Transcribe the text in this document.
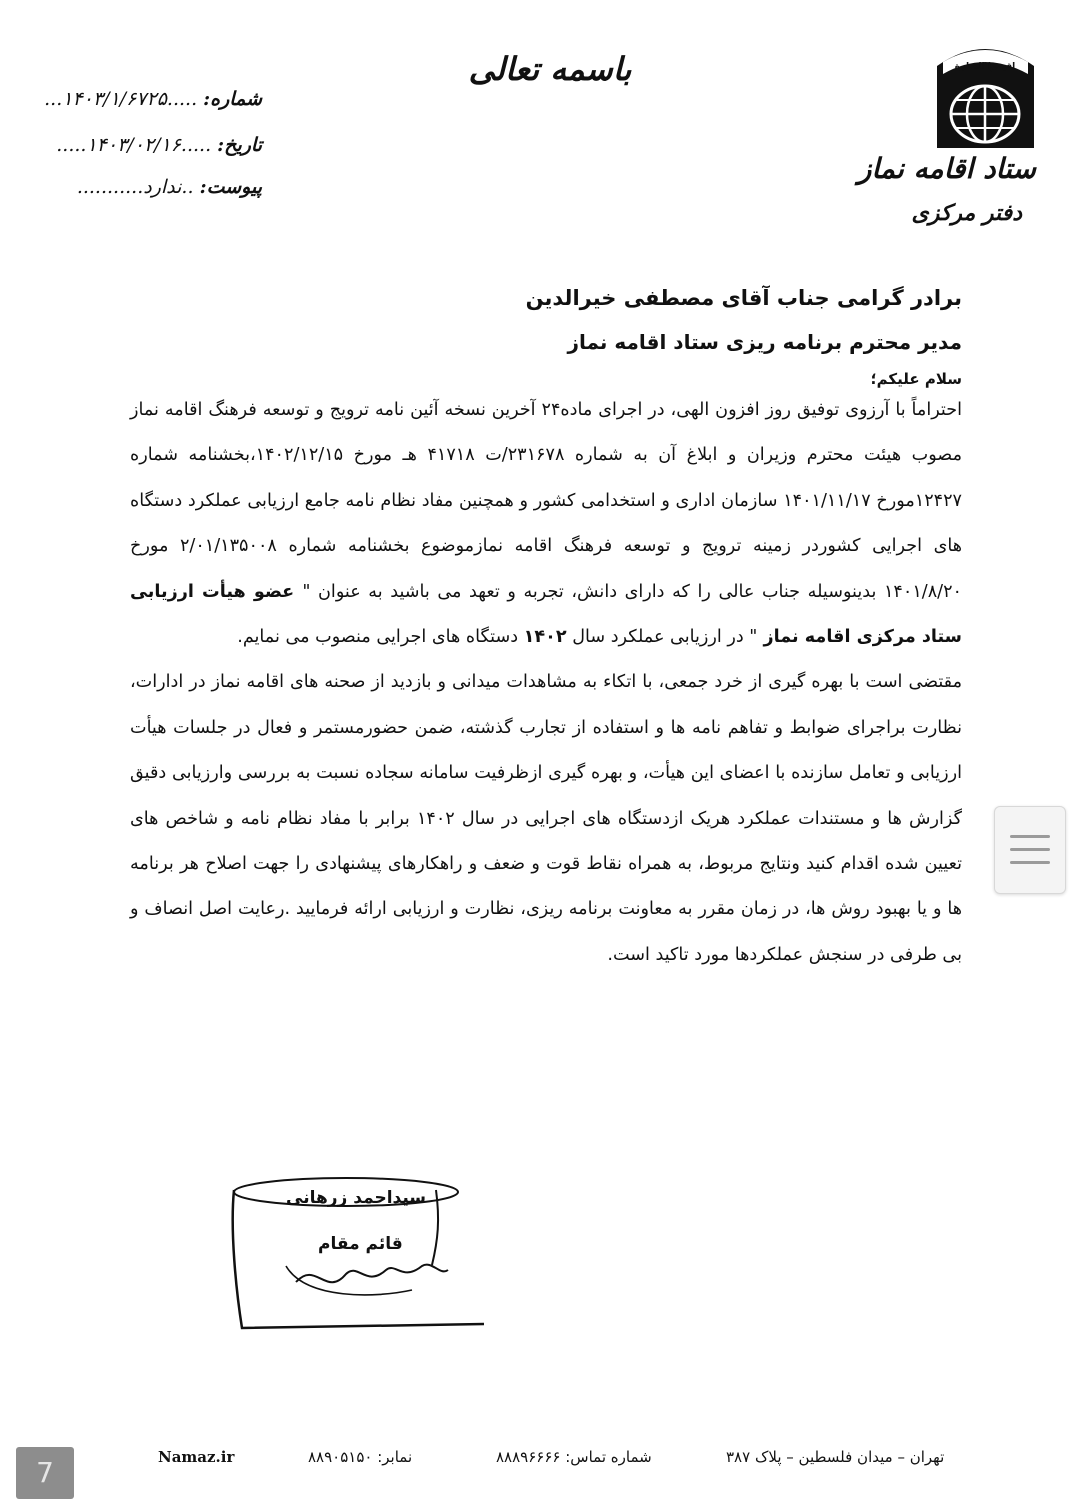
اقیموا الصلوة
ستاد اقامه نماز
دفتر مرکزی
باسمه تعالی
شماره: .....۱۴۰۳/۱/۶۷۲۵...
تاریخ: .....۱۴۰۳/۰۲/۱۶.....
پیوست: ..ندارد...........
برادر گرامی جناب آقای مصطفی خیرالدین
مدیر محترم برنامه ریزی ستاد اقامه نماز
سلام علیکم؛

احتراماً با آرزوی توفیق روز افزون الهی، در اجرای ماده۲۴ آخرین نسخه آئین نامه ترویج و توسعه فرهنگ اقامه نماز مصوب هیئت محترم وزیران و ابلاغ آن به شماره ۲۳۱۶۷۸/ت ۴۱۷۱۸ هـ مورخ ۱۴۰۲/۱۲/۱۵،بخشنامه شماره ۱۲۴۲۷مورخ ۱۴۰۱/۱۱/۱۷ سازمان اداری و استخدامی کشور و همچنین مفاد نظام نامه جامع ارزیابی عملکرد دستگاه های اجرایی کشوردر زمینه ترویج و توسعه فرهنگ اقامه نمازموضوع بخشنامه شماره ۲/۰۱/۱۳۵۰۰۸ مورخ ۱۴۰۱/۸/۲۰ بدینوسیله جناب عالی را که دارای دانش، تجربه و تعهد می باشید به عنوان " عضو هیأت ارزیابی ستاد مرکزی اقامه نماز " در ارزیابی عملکرد سال ۱۴۰۲ دستگاه های اجرایی منصوب می نمایم.

مقتضی است با بهره گیری از خرد جمعی، با اتکاء به مشاهدات میدانی و بازدید از صحنه های اقامه نماز در ادارات، نظارت براجرای ضوابط و تفاهم نامه ها و استفاده از تجارب گذشته، ضمن حضورمستمر و فعال در جلسات هیأت ارزیابی و تعامل سازنده با اعضای این هیأت، و بهره گیری ازظرفیت سامانه سجاده نسبت به بررسی وارزیابی دقیق گزارش ها و مستندات عملکرد هریک ازدستگاه های اجرایی در سال ۱۴۰۲ برابر با مفاد نظام نامه و شاخص های تعیین شده اقدام کنید ونتایج مربوط، به همراه نقاط قوت و ضعف و راهکارهای پیشنهادی را جهت اصلاح هر برنامه ها و یا بهبود روش ها، در زمان مقرر به معاونت برنامه ریزی، نظارت و ارزیابی ارائه فرمایید .رعایت اصل انصاف و بی طرفی در سنجش عملکردها مورد تاکید است.

سید احمد زرهانی
سیداحمد زرهانی
قائم مقام
Namaz.ir	نمابر: ۸۸۹۰۵۱۵۰	شماره تماس: ۸۸۸۹۶۶۶۶	تهران – میدان فلسطین – پلاک ۳۸۷
7
